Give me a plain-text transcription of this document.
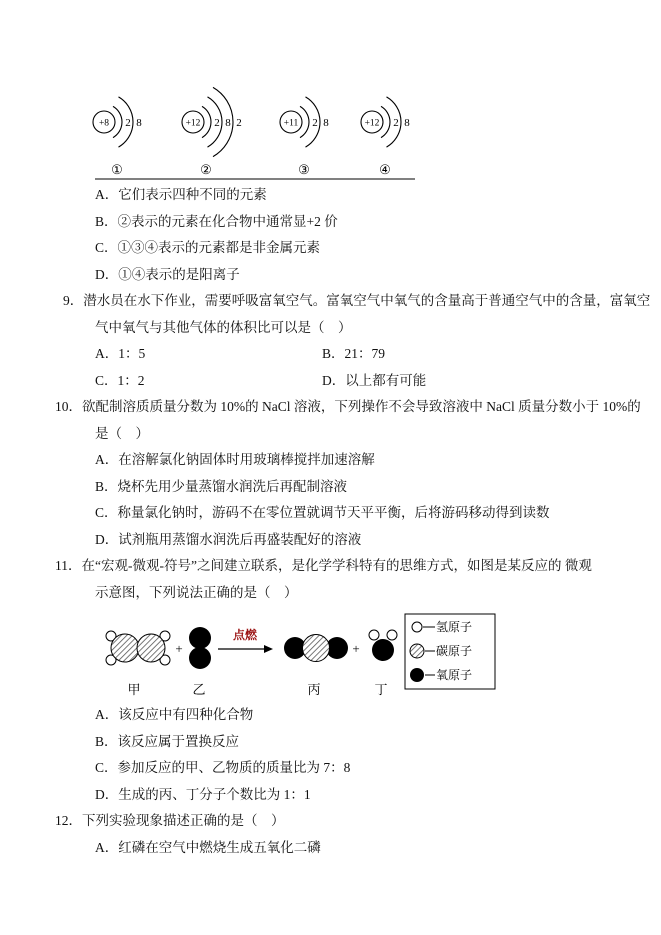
+8 2 8
①
+12 2 8 2
②
+11 2 8
③
+12 2 8
④
A．它们表示四种不同的元素
B．②表示的元素在化合物中通常显+2 价
C．①③④表示的元素都是非金属元素
D．①④表示的是阳离子
9．潜水员在水下作业，需要呼吸富氧空气。富氧空气中氧气的含量高于普通空气中的含量，富氧空
气中氧气与其他气体的体积比可以是（　）
A．1：5	B．21：79
C．1：2	D．以上都有可能
10．欲配制溶质质量分数为 10%的 NaCl 溶液，下列操作不会导致溶液中 NaCl 质量分数小于 10%的
是（　）
A．在溶解氯化钠固体时用玻璃棒搅拌加速溶解
B．烧杯先用少量蒸馏水润洗后再配制溶液
C．称量氯化钠时，游码不在零位置就调节天平平衡，后将游码移动得到读数
D．试剂瓶用蒸馏水润洗后再盛装配好的溶液
11．在“宏观-微观-符号”之间建立联系，是化学学科特有的思维方式，如图是某反应的 微观
示意图，下列说法正确的是（　）
甲
+
乙
点燃
丙
+
丁
氢原子
碳原子
氧原子
A．该反应中有四种化合物
B．该反应属于置换反应
C．参加反应的甲、乙物质的质量比为 7：8
D．生成的丙、丁分子个数比为 1：1
12．下列实验现象描述正确的是（　）
A．红磷在空气中燃烧生成五氧化二磷
